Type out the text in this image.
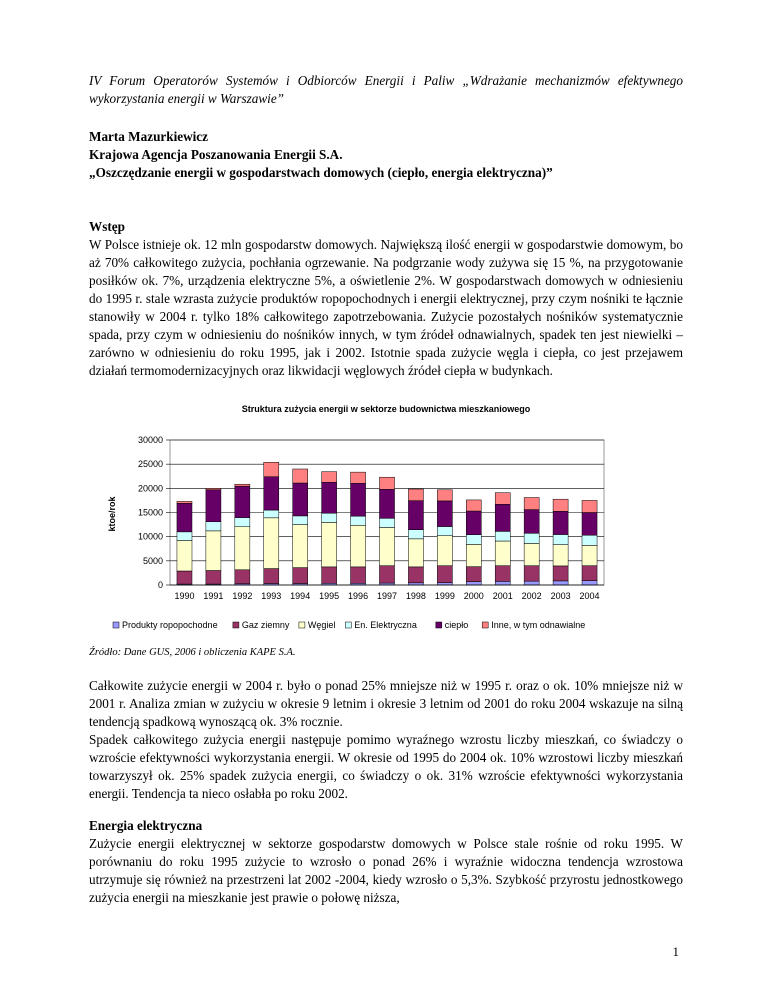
IV Forum Operatorów Systemów i Odbiorców Energii i Paliw „Wdrażanie mechanizmów efektywnego wykorzystania energii w Warszawie”

Marta Mazurkiewicz

Krajowa Agencja Poszanowania Energii S.A.

„Oszczędzanie energii w gospodarstwach domowych (ciepło, energia elektryczna)”

Wstęp

W Polsce istnieje ok. 12 mln gospodarstw domowych. Największą ilość energii w gospodarstwie domowym, bo aż 70% całkowitego zużycia, pochłania ogrzewanie. Na podgrzanie wody zużywa się 15 %, na przygotowanie posiłków ok. 7%, urządzenia elektryczne 5%, a oświetlenie 2%. W gospodarstwach domowych w odniesieniu do 1995 r. stale wzrasta zużycie produktów ropopochodnych i energii elektrycznej, przy czym nośniki te łącznie stanowiły w 2004 r. tylko 18% całkowitego zapotrzebowania. Zużycie pozostałych nośników systematycznie spada, przy czym w odniesieniu do nośników innych, w tym źródeł odnawialnych, spadek ten jest niewielki – zarówno w odniesieniu do roku 1995, jak i 2002. Istotnie spada zużycie węgla i ciepła, co jest przejawem działań termomodernizacyjnych oraz likwidacji węglowych źródeł ciepła w budynkach.

Struktura zużycia energii w sektorze budownictwa mieszkaniowego
ktoe/rok
0
5000
10000
15000
20000
25000
30000
1990 1991 1992 1993 1994 1995 1996 1997 1998 1999 2000 2001 2002 2003 2004
Produkty ropopochodne	Gaz ziemny Węgiel En. Elektryczna	ciepło	Inne, w tym odnawialne

Źródło: Dane GUS, 2006 i obliczenia KAPE S.A.

Całkowite zużycie energii w 2004 r. było o ponad 25% mniejsze niż w 1995 r. oraz o ok. 10% mniejsze niż w 2001 r. Analiza zmian w zużyciu w okresie 9 letnim i okresie 3 letnim od 2001 do roku 2004 wskazuje na silną tendencją spadkową wynoszącą ok. 3% rocznie.

Spadek całkowitego zużycia energii następuje pomimo wyraźnego wzrostu liczby mieszkań, co świadczy o wzroście efektywności wykorzystania energii. W okresie od 1995 do 2004 ok. 10% wzrostowi liczby mieszkań towarzyszył ok. 25% spadek zużycia energii, co świadczy o ok. 31% wzroście efektywności wykorzystania energii. Tendencja ta nieco osłabła po roku 2002.

Energia elektryczna

Zużycie energii elektrycznej w sektorze gospodarstw domowych w Polsce stale rośnie od roku 1995. W porównaniu do roku 1995 zużycie to wzrosło o ponad 26% i wyraźnie widoczna tendencja wzrostowa utrzymuje się również na przestrzeni lat 2002 -2004, kiedy wzrosło o 5,3%. Szybkość przyrostu jednostkowego zużycia energii na mieszkanie jest prawie o połowę niższa,

1
